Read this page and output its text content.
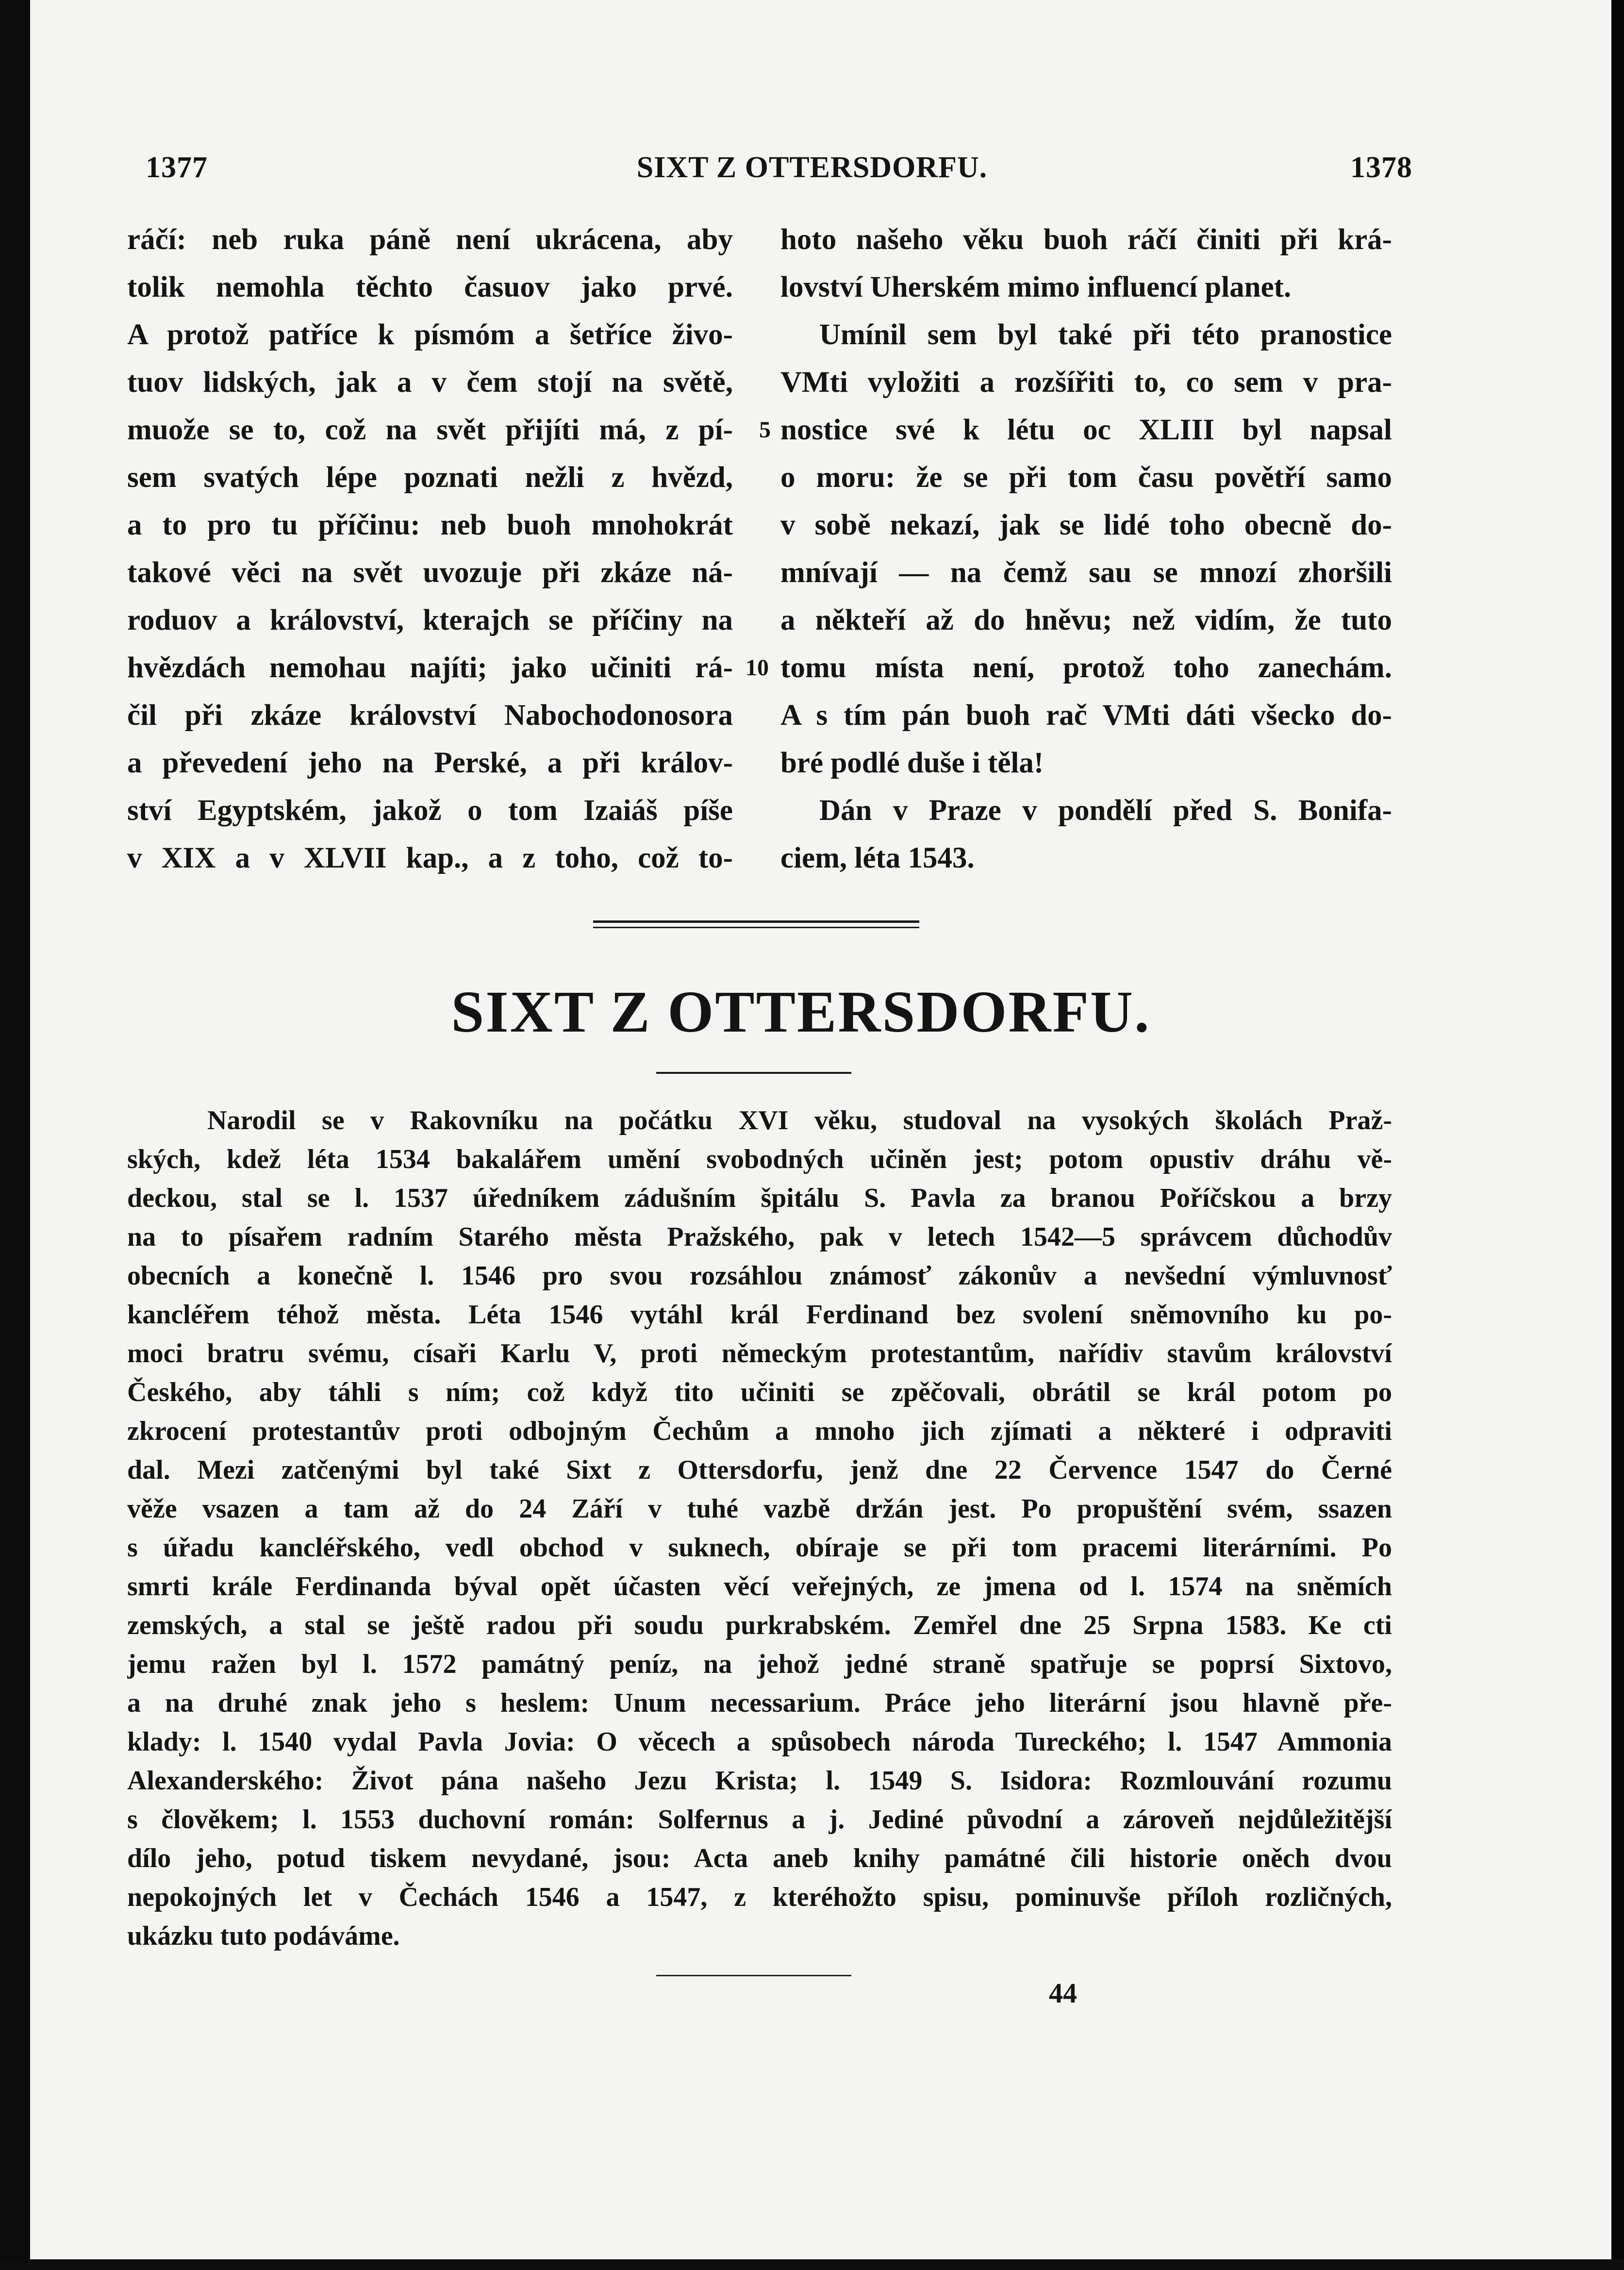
1377	SIXT Z OTTERSDORFU.	1378
ráčí: neb ruka páně není ukrácena, aby
tolik nemohla těchto časuov jako prvé.
A protož patříce k písmóm a šetříce živo-
tuov lidských, jak a v čem stojí na světě,
muože se to, což na svět přijíti má, z pí-
sem svatých lépe poznati nežli z hvězd,
a to pro tu příčinu: neb buoh mnohokrát
takové věci na svět uvozuje při zkáze ná-
roduov a království, kterajch se příčiny na
hvězdách nemohau najíti; jako učiniti rá-
čil při zkáze království Nabochodonosora
a převedení jeho na Perské, a při králov-
ství Egyptském, jakož o tom Izaiáš píše
v XIX a v XLVII kap., a z toho, což to-
5
10
hoto našeho věku buoh ráčí činiti při krá-
lovství Uherském mimo influencí planet.
Umínil sem byl také při této pranostice
VMti vyložiti a rozšířiti to, co sem v pra-
nostice své k létu oc XLIII byl napsal
o moru: že se při tom času povětří samo
v sobě nekazí, jak se lidé toho obecně do-
mnívají — na čemž sau se mnozí zhoršili
a někteří až do hněvu; než vidím, že tuto
tomu místa není, protož toho zanechám.
A s tím pán buoh rač VMti dáti všecko do-
bré podlé duše i těla!
Dán v Praze v pondělí před S. Bonifa-
ciem, léta 1543.
SIXT Z OTTERSDORFU.
Narodil se v Rakovníku na počátku XVI věku, studoval na vysokých školách Praž-
ských, kdež léta 1534 bakalářem umění svobodných učiněn jest; potom opustiv dráhu vě-
deckou, stal se l. 1537 úředníkem zádušním špitálu S. Pavla za branou Poříčskou a brzy
na to písařem radním Starého města Pražského, pak v letech 1542—5 správcem důchodův
obecních a konečně l. 1546 pro svou rozsáhlou známosť zákonův a nevšední výmluvnosť
kancléřem téhož města. Léta 1546 vytáhl král Ferdinand bez svolení sněmovního ku po-
moci bratru svému, císaři Karlu V, proti německým protestantům, nařídiv stavům království
Českého, aby táhli s ním; což když tito učiniti se zpěčovali, obrátil se král potom po
zkrocení protestantův proti odbojným Čechům a mnoho jich zjímati a některé i odpraviti
dal. Mezi zatčenými byl také Sixt z Ottersdorfu, jenž dne 22 Července 1547 do Černé
věže vsazen a tam až do 24 Září v tuhé vazbě držán jest. Po propuštění svém, ssazen
s úřadu kancléřského, vedl obchod v suknech, obíraje se při tom pracemi literárními. Po
smrti krále Ferdinanda býval opět účasten věcí veřejných, ze jmena od l. 1574 na sněmích
zemských, a stal se ještě radou při soudu purkrabském. Zemřel dne 25 Srpna 1583. Ke cti
jemu ražen byl l. 1572 památný peníz, na jehož jedné straně spatřuje se poprsí Sixtovo,
a na druhé znak jeho s heslem: Unum necessarium. Práce jeho literární jsou hlavně pře-
klady: l. 1540 vydal Pavla Jovia: O věcech a spůsobech národa Tureckého; l. 1547 Ammonia
Alexanderského: Život pána našeho Jezu Krista; l. 1549 S. Isidora: Rozmlouvání rozumu
s člověkem; l. 1553 duchovní román: Solfernus a j. Jediné původní a zároveň nejdůležitější
dílo jeho, potud tiskem nevydané, jsou: Acta aneb knihy památné čili historie oněch dvou
nepokojných let v Čechách 1546 a 1547, z kteréhožto spisu, pominuvše příloh rozličných,
ukázku tuto podáváme.
44
